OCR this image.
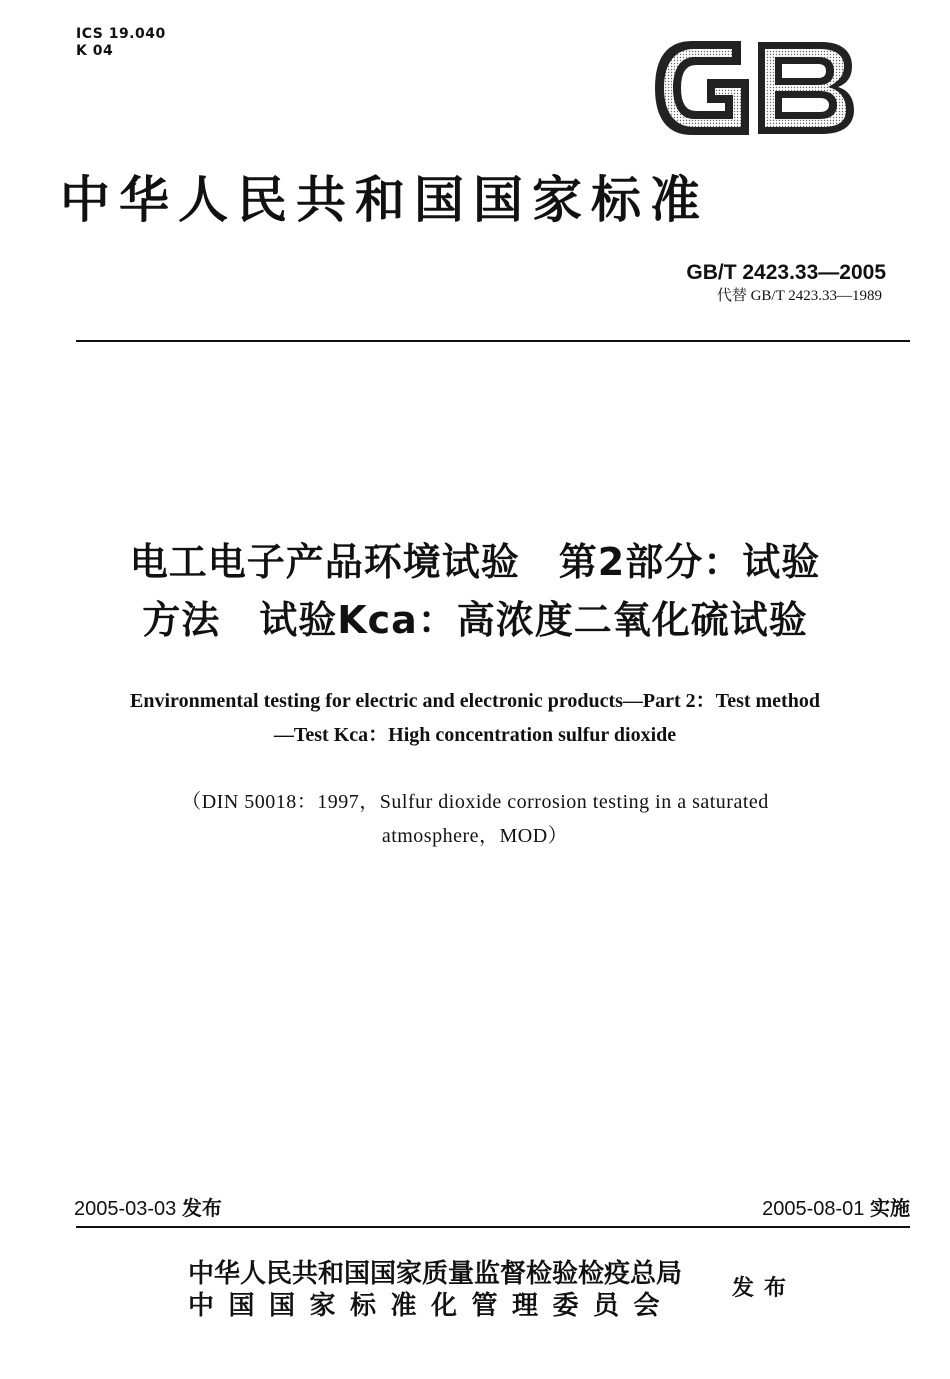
ICS 19.040
K 04
中华人民共和国国家标准
GB/T 2423.33—2005
代替 GB/T 2423.33—1989
电工电子产品环境试验　第2部分：试验
方法　试验Kca：高浓度二氧化硫试验
Environmental testing for electric and electronic products—Part 2：Test method
—Test Kca：High concentration sulfur dioxide
（DIN 50018：1997，Sulfur dioxide corrosion testing in a saturated
atmosphere，MOD）
2005-03-03 发布	2005-08-01 实施
中华人民共和国国家质量监督检验检疫总局
中国国家标准化管理委员会
发布
